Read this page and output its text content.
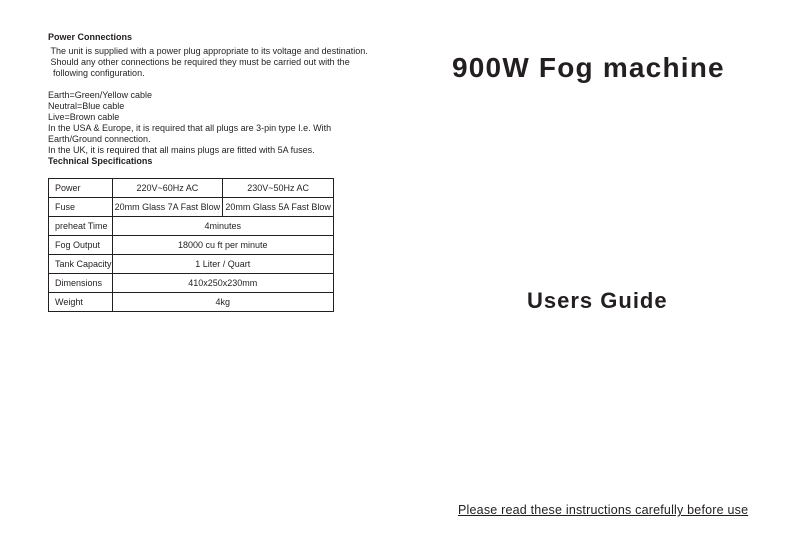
Power Connections

The unit is supplied with a power plug appropriate to its voltage and destination.
Should any other connections be required they must be carried out with the
following configuration.

Earth=Green/Yellow cable

Neutral=Blue cable

Live=Brown cable

In the USA & Europe, it is required that all plugs are 3-pin type I.e. With

Earth/Ground connection.

In the UK, it is required that all mains plugs are fitted with 5A fuses.

Technical Specifications
Power	220V~60Hz AC	230V~50Hz AC
Fuse	20mm Glass 7A Fast Blow	20mm Glass 5A Fast Blow
preheat Time	4minutes	
Fog Output	18000 cu ft per minute	
Tank Capacity	1 Liter / Quart	
Dimensions	410x250x230mm	
Weight	4kg	
900W Fog machine
Users Guide
Please read these instructions carefully before use
